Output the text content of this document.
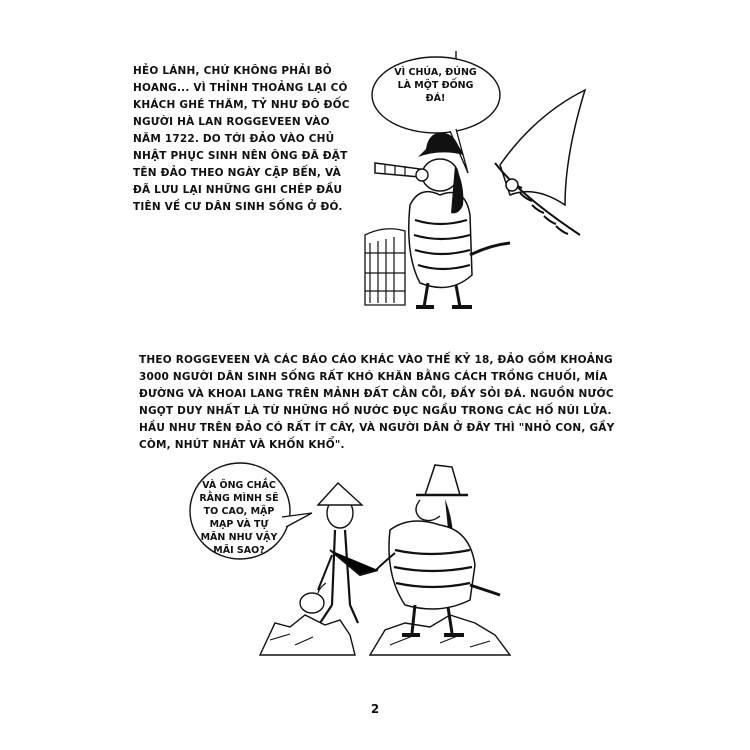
HẺO LÁNH, CHỨ KHÔNG PHẢI BỎ HOANG... VÌ THỈNH THOẢNG LẠI CÓ KHÁCH GHÉ THĂM, TỶ NHƯ ĐÔ ĐỐC NGƯỜI HÀ LAN ROGGEVEEN VÀO NĂM 1722. DO TỚI ĐẢO VÀO CHỦ NHẬT PHỤC SINH NÊN ÔNG ĐÃ ĐẶT TÊN ĐẢO THEO NGÀY CẬP BẾN, VÀ ĐÃ LƯU LẠI NHỮNG GHI CHÉP ĐẦU TIÊN VỀ CƯ DÂN SINH SỐNG Ở ĐÓ.
VÌ CHÚA, ĐÚNG LÀ MỘT ĐỐNG ĐÁ!
THEO ROGGEVEEN VÀ CÁC BÁO CÁO KHÁC VÀO THẾ KỶ 18, ĐẢO GỒM KHOẢNG 3000 NGƯỜI DÂN SINH SỐNG RẤT KHÓ KHĂN BẰNG CÁCH TRỒNG CHUỐI, MÍA ĐƯỜNG VÀ KHOAI LANG TRÊN MẢNH ĐẤT CẰN CỖI, ĐẦY SỎI ĐÁ. NGUỒN NƯỚC NGỌT DUY NHẤT LÀ TỪ NHỮNG HỒ NƯỚC ĐỤC NGẦU TRONG CÁC HỐ NÚI LỬA. HẦU NHƯ TRÊN ĐẢO CÓ RẤT ÍT CÂY, VÀ NGƯỜI DÂN Ở ĐÂY THÌ "NHỎ CON, GẦY CÒM, NHÚT NHÁT VÀ KHỐN KHỔ".
VÀ ÔNG CHẮC RẰNG MÌNH SẼ TO CAO, MẬP MẠP VÀ TỰ MÃN NHƯ VẬY MÃI SAO?
2
